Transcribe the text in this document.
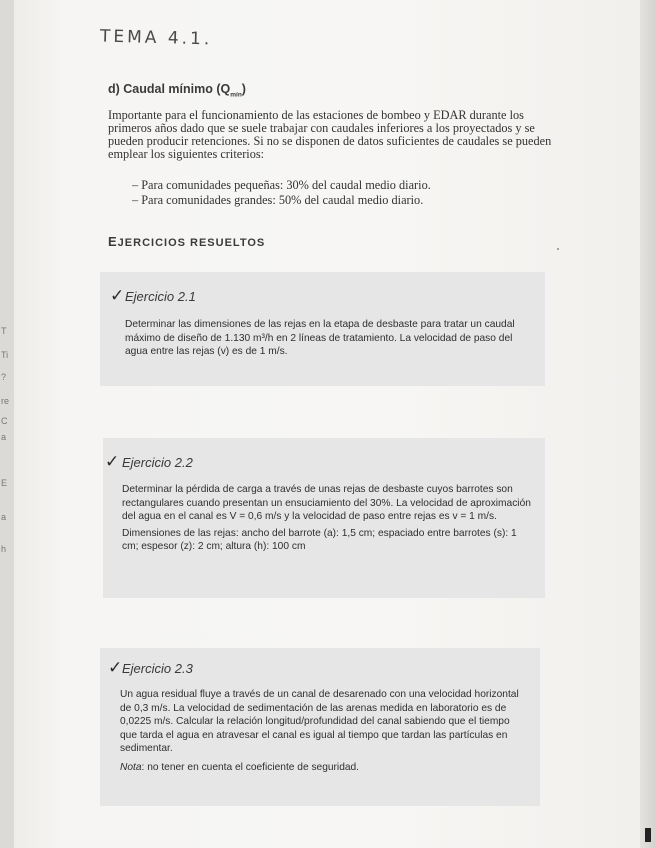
T
Ti
?
re
C
a
E
a
h
TEMA 4.1.
d) Caudal mínimo $(Q_{mín})$
Importante para el funcionamiento de las estaciones de bombeo y EDAR durante los primeros años dado que se suele trabajar con caudales inferiores a los proyectados y se pueden producir retenciones. Si no se disponen de datos suficientes de caudales se pueden emplear los siguientes criterios:
– Para comunidades pequeñas: 30% del caudal medio diario.
– Para comunidades grandes: 50% del caudal medio diario.
EJERCICIOS RESUELTOS
✓ Ejercicio 2.1

Determinar las dimensiones de las rejas en la etapa de desbaste para tratar un caudal máximo de diseño de 1.130 m³/h en 2 líneas de tratamiento. La velocidad de paso del agua entre las rejas (v) es de 1 m/s.

✓ Ejercicio 2.2

Determinar la pérdida de carga a través de unas rejas de desbaste cuyos barrotes son rectangulares cuando presentan un ensuciamiento del 30%. La velocidad de aproximación del agua en el canal es V = 0,6 m/s y la velocidad de paso entre rejas es v = 1 m/s.

Dimensiones de las rejas: ancho del barrote (a): 1,5 cm; espaciado entre barrotes (s): 1 cm; espesor (z): 2 cm; altura (h): 100 cm

✓ Ejercicio 2.3

Un agua residual fluye a través de un canal de desarenado con una velocidad horizontal de 0,3 m/s. La velocidad de sedimentación de las arenas medida en laboratorio es de 0,0225 m/s. Calcular la relación longitud/profundidad del canal sabiendo que el tiempo que tarda el agua en atravesar el canal es igual al tiempo que tardan las partículas en sedimentar.

Nota: no tener en cuenta el coeficiente de seguridad.
